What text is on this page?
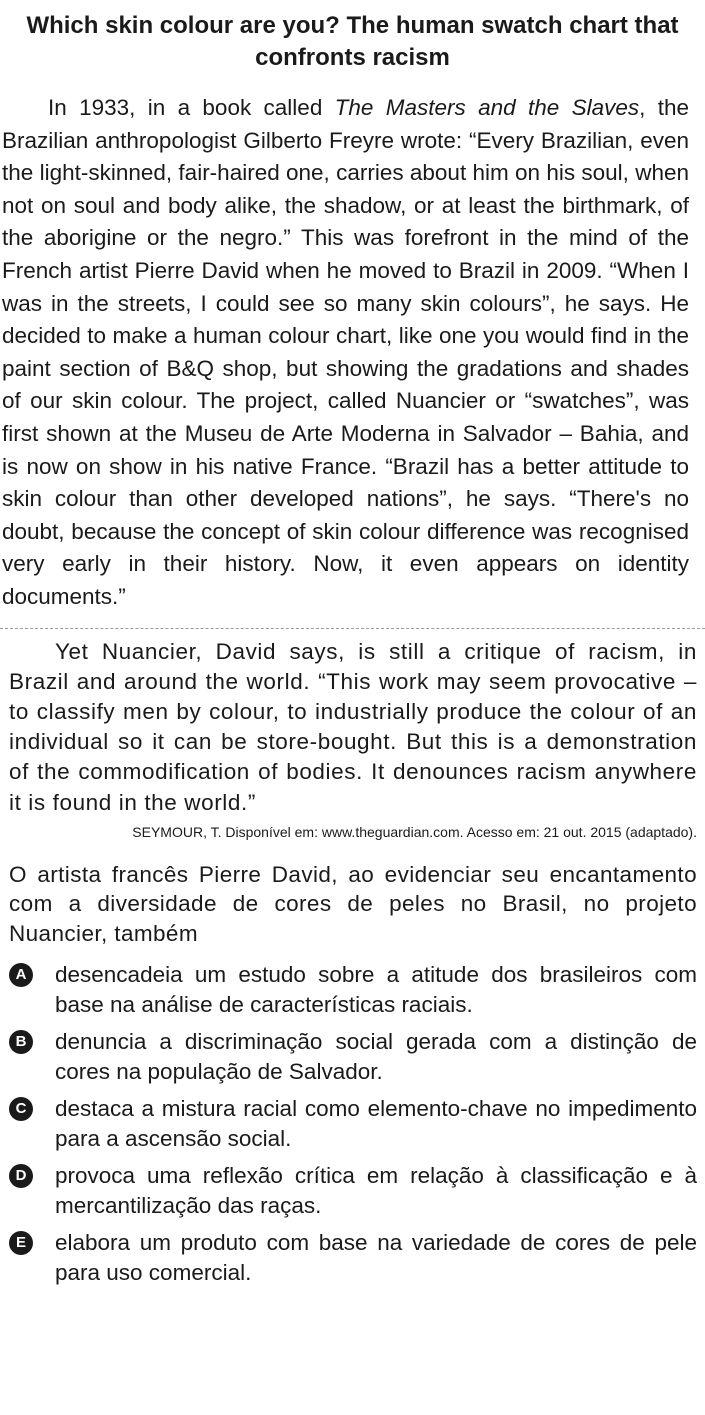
Which skin colour are you? The human swatch chart that confronts racism
In 1933, in a book called The Masters and the Slaves, the Brazilian anthropologist Gilberto Freyre wrote: “Every Brazilian, even the light-skinned, fair-haired one, carries about him on his soul, when not on soul and body alike, the shadow, or at least the birthmark, of the aborigine or the negro.” This was forefront in the mind of the French artist Pierre David when he moved to Brazil in 2009. “When I was in the streets, I could see so many skin colours”, he says. He decided to make a human colour chart, like one you would find in the paint section of B&Q shop, but showing the gradations and shades of our skin colour. The project, called Nuancier or “swatches”, was first shown at the Museu de Arte Moderna in Salvador – Bahia, and is now on show in his native France. “Brazil has a better attitude to skin colour than other developed nations”, he says. “There's no doubt, because the concept of skin colour difference was recognised very early in their history. Now, it even appears on identity documents.”
Yet Nuancier, David says, is still a critique of racism, in Brazil and around the world. “This work may seem provocative – to classify men by colour, to industrially produce the colour of an individual so it can be store-bought. But this is a demonstration of the commodification of bodies. It denounces racism anywhere it is found in the world.”
SEYMOUR, T. Disponível em: www.theguardian.com. Acesso em: 21 out. 2015 (adaptado).
O artista francês Pierre David, ao evidenciar seu encantamento com a diversidade de cores de peles no Brasil, no projeto Nuancier, também
A desencadeia um estudo sobre a atitude dos brasileiros com base na análise de características raciais.
B denuncia a discriminação social gerada com a distinção de cores na população de Salvador.
C destaca a mistura racial como elemento-chave no impedimento para a ascensão social.
D provoca uma reflexão crítica em relação à classificação e à mercantilização das raças.
E	elabora um produto com base na variedade de cores de pele para uso comercial.
